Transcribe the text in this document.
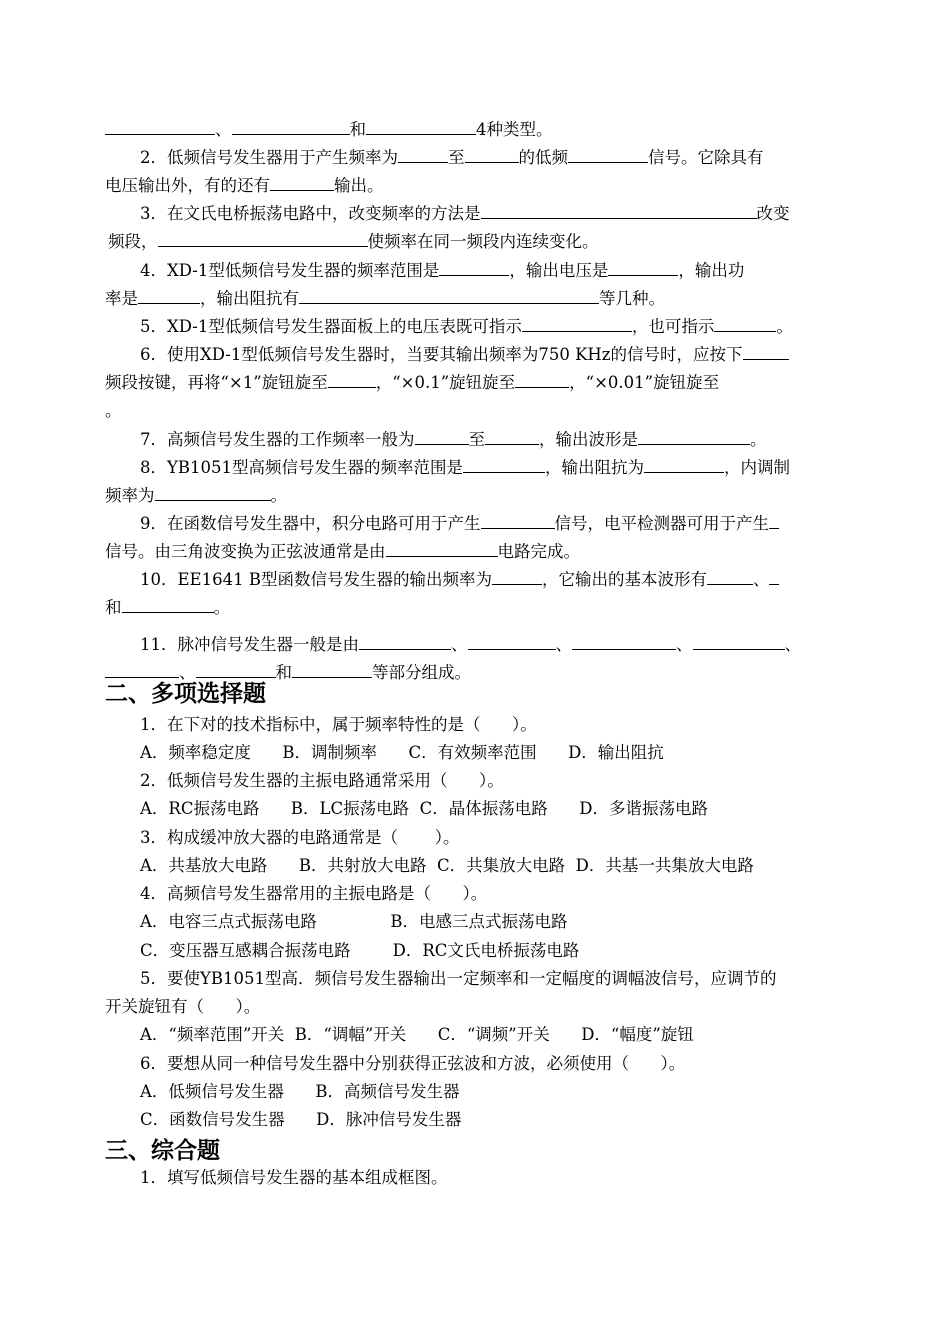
、	和	4种类型。
2．低频信号发生器用于产生频率为	至	的低频	信号。它除具有
电压输出外，有的还有	输出。
3．在文氏电桥振荡电路中，改变频率的方法是	改变
频段，	使频率在同一频段内连续变化。
4．XD-1型低频信号发生器的频率范围是	，输出电压是	，输出功
率是	，输出阻抗有	等几种。
5．XD-1型低频信号发生器面板上的电压表既可指示	，也可指示	。
6．使用XD-1型低频信号发生器时，当要其输出频率为750 KHz的信号时，应按下
频段按键，再将“×1”旋钮旋至	，“×0.1”旋钮旋至	，“×0.01”旋钮旋至
。
7．高频信号发生器的工作频率一般为	至	，输出波形是	。
8．YB1051型高频信号发生器的频率范围是	，输出阻抗为	，内调制
频率为	。
9．在函数信号发生器中，积分电路可用于产生	信号，电平检测器可用于产生
信号。由三角波变换为正弦波通常是由	电路完成。
10．EE1641 B型函数信号发生器的输出频率为	，它输出的基本波形有	、
和	。
11．脉冲信号发生器一般是由	、	、	、	、
、	和	等部分组成。
二、多项选择题
1．在下对的技术指标中，属于频率特性的是（      ）。
A．频率稳定度      B．调制频率      C．有效频率范围      D．输出阻抗
2．低频信号发生器的主振电路通常采用（      ）。
A．RC振荡电路      B．LC振荡电路  C．晶体振荡电路      D．多谐振荡电路
3．构成缓冲放大器的电路通常是（       ）。
A．共基放大电路      B．共射放大电路  C．共集放大电路  D．共基一共集放大电路
4．高频信号发生器常用的主振电路是（      ）。
A．电容三点式振荡电路              B．电感三点式振荡电路
C．变压器互感耦合振荡电路        D．RC文氏电桥振荡电路
5．要使YB1051型高．频信号发生器输出一定频率和一定幅度的调幅波信号，应调节的
开关旋钮有（      ）。
A．“频率范围”开关  B．“调幅”开关      C．“调频”开关      D．“幅度”旋钮
6．要想从同一种信号发生器中分别获得正弦波和方波，必须使用（      ）。
A．低频信号发生器      B．高频信号发生器
C．函数信号发生器      D．脉冲信号发生器
三、综合题
1．填写低频信号发生器的基本组成框图。
